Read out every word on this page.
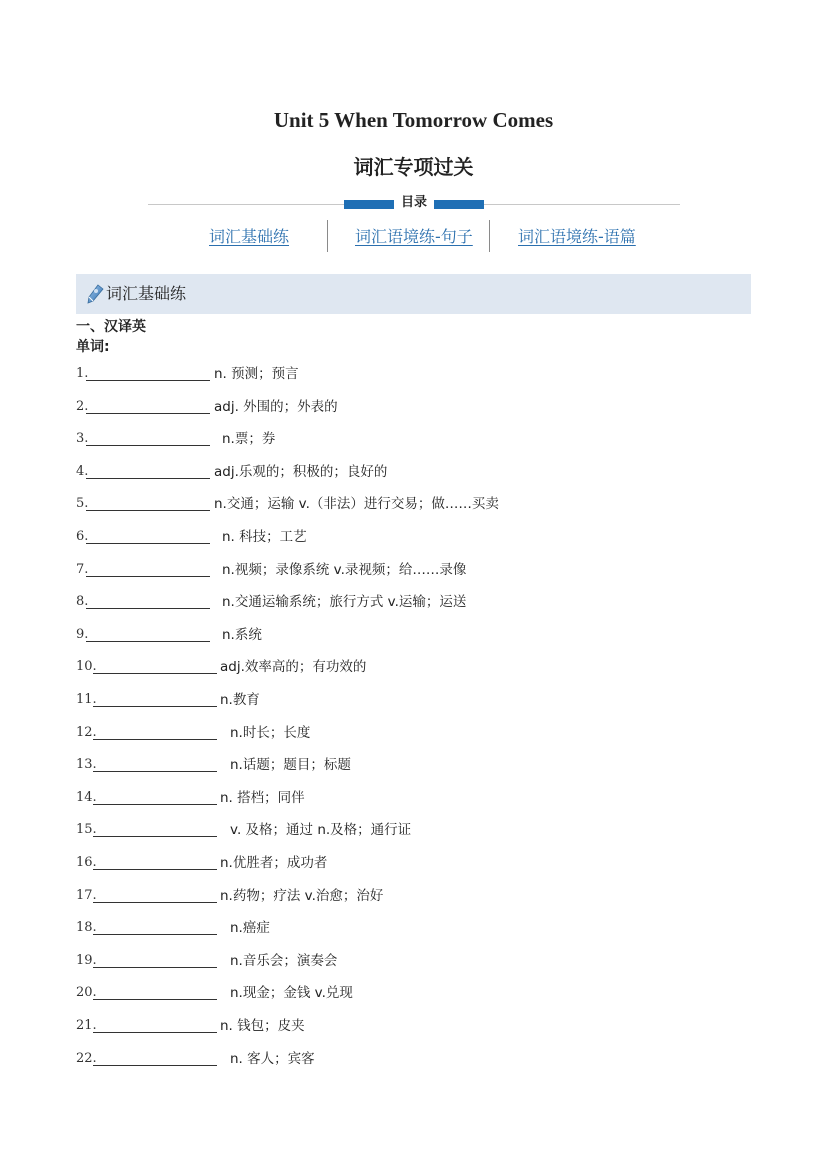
Unit 5 When Tomorrow Comes
词汇专项过关
目录
词汇基础练	词汇语境练-句子	词汇语境练-语篇
词汇基础练
一、汉译英
单词:
1.	n. 预测；预言
2.	adj. 外围的；外表的
3.	n.票；券
4.	adj.乐观的；积极的；良好的
5.	n.交通；运输 v.（非法）进行交易；做……买卖
6.	n. 科技；工艺
7.	n.视频；录像系统 v.录视频；给……录像
8.	n.交通运输系统；旅行方式 v.运输；运送
9.	n.系统
10.	adj.效率高的；有功效的
11.	n.教育
12.	n.时长；长度
13.	n.话题；题目；标题
14.	n. 搭档；同伴
15.	v. 及格；通过 n.及格；通行证
16.	n.优胜者；成功者
17.	n.药物；疗法 v.治愈；治好
18.	n.癌症
19.	n.音乐会；演奏会
20.	n.现金；金钱 v.兑现
21.	n. 钱包；皮夹
22.	n. 客人；宾客
